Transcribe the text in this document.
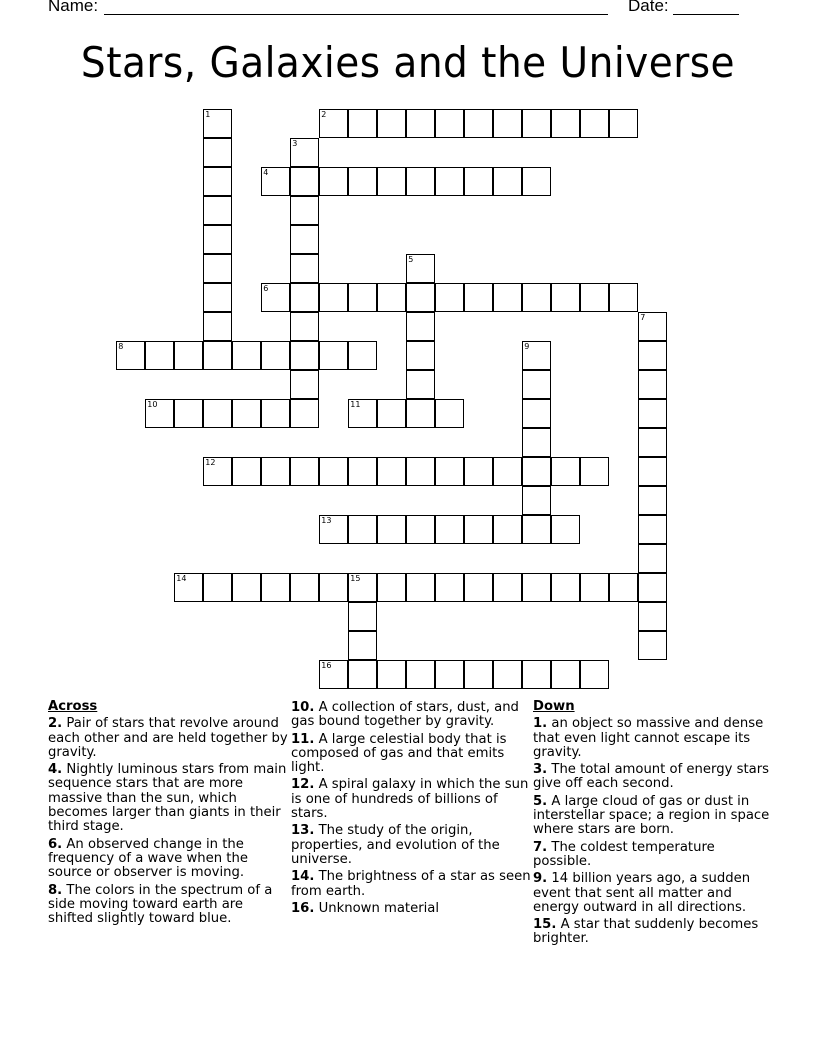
Name:	Date:
Stars, Galaxies and the Universe
1	2
3
4
5
6
7
8	9
10	11
12
13
14	15
16
Across
2. Pair of stars that revolve around each other and are held together by gravity.
4. Nightly luminous stars from main sequence stars that are more massive than the sun, which becomes larger than giants in their third stage.
6. An observed change in the frequency of a wave when the source or observer is moving.
8. The colors in the spectrum of a side moving toward earth are shifted slightly toward blue.
10. A collection of stars, dust, and gas bound together by gravity.
11. A large celestial body that is composed of gas and that emits light.
12. A spiral galaxy in which the sun is one of hundreds of billions of stars.
13. The study of the origin, properties, and evolution of the universe.
14. The brightness of a star as seen from earth.
16. Unknown material
Down
1. an object so massive and dense that even light cannot escape its gravity.
3. The total amount of energy stars give off each second.
5. A large cloud of gas or dust in interstellar space; a region in space where stars are born.
7. The coldest temperature possible.
9. 14 billion years ago, a sudden event that sent all matter and energy outward in all directions.
15. A star that suddenly becomes brighter.
